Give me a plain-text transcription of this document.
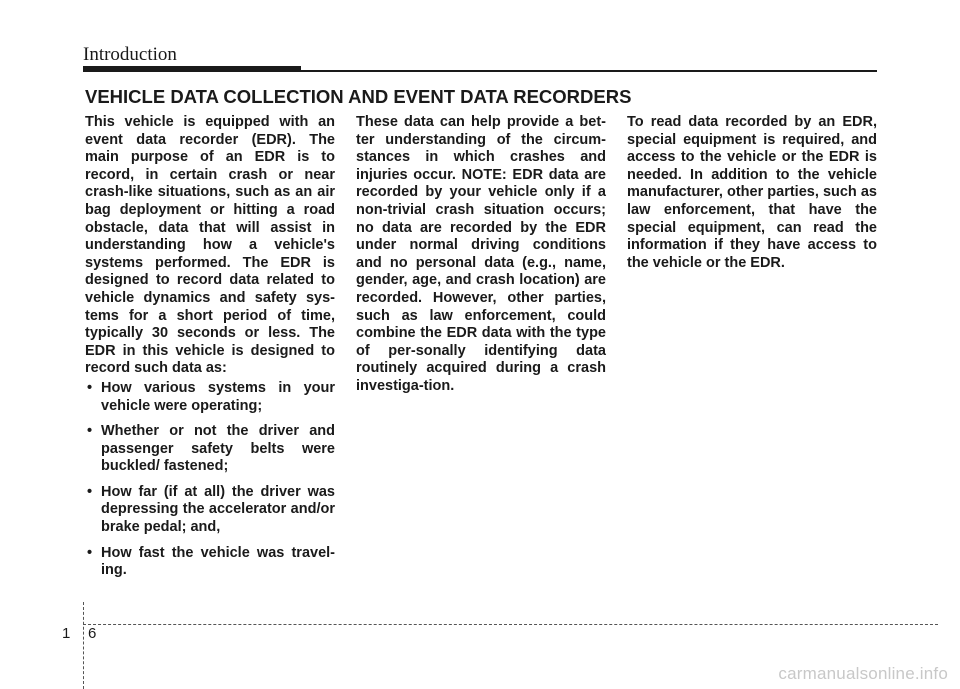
Introduction
VEHICLE DATA COLLECTION AND EVENT DATA RECORDERS

This vehicle is equipped with an event data recorder (EDR). The main purpose of an EDR is to record, in certain crash or near crash-like situations, such as an air bag deployment or hitting a road obstacle, data that will assist in understanding how a vehicle's systems performed. The EDR is designed to record data related to vehicle dynamics and safety sys-tems for a short period of time, typically 30 seconds or less. The EDR in this vehicle is designed to record such data as:

• How various systems in your vehicle were operating;
• Whether or not the driver and passenger safety belts were buckled/ fastened;
• How far (if at all) the driver was depressing the accelerator and/or brake pedal; and,
• How fast the vehicle was travel-ing.

These data can help provide a bet-ter understanding of the circum-stances in which crashes and injuries occur. NOTE: EDR data are recorded by your vehicle only if a non-trivial crash situation occurs; no data are recorded by the EDR under normal driving conditions and no personal data (e.g., name, gender, age, and crash location) are recorded. However, other parties, such as law enforcement, could combine the EDR data with the type of per-sonally identifying data routinely acquired during a crash investiga-tion.

To read data recorded by an EDR, special equipment is required, and access to the vehicle or the EDR is needed. In addition to the vehicle manufacturer, other parties, such as law enforcement, that have the special equipment, can read the information if they have access to the vehicle or the EDR.

1 6
carmanualsonline.info
